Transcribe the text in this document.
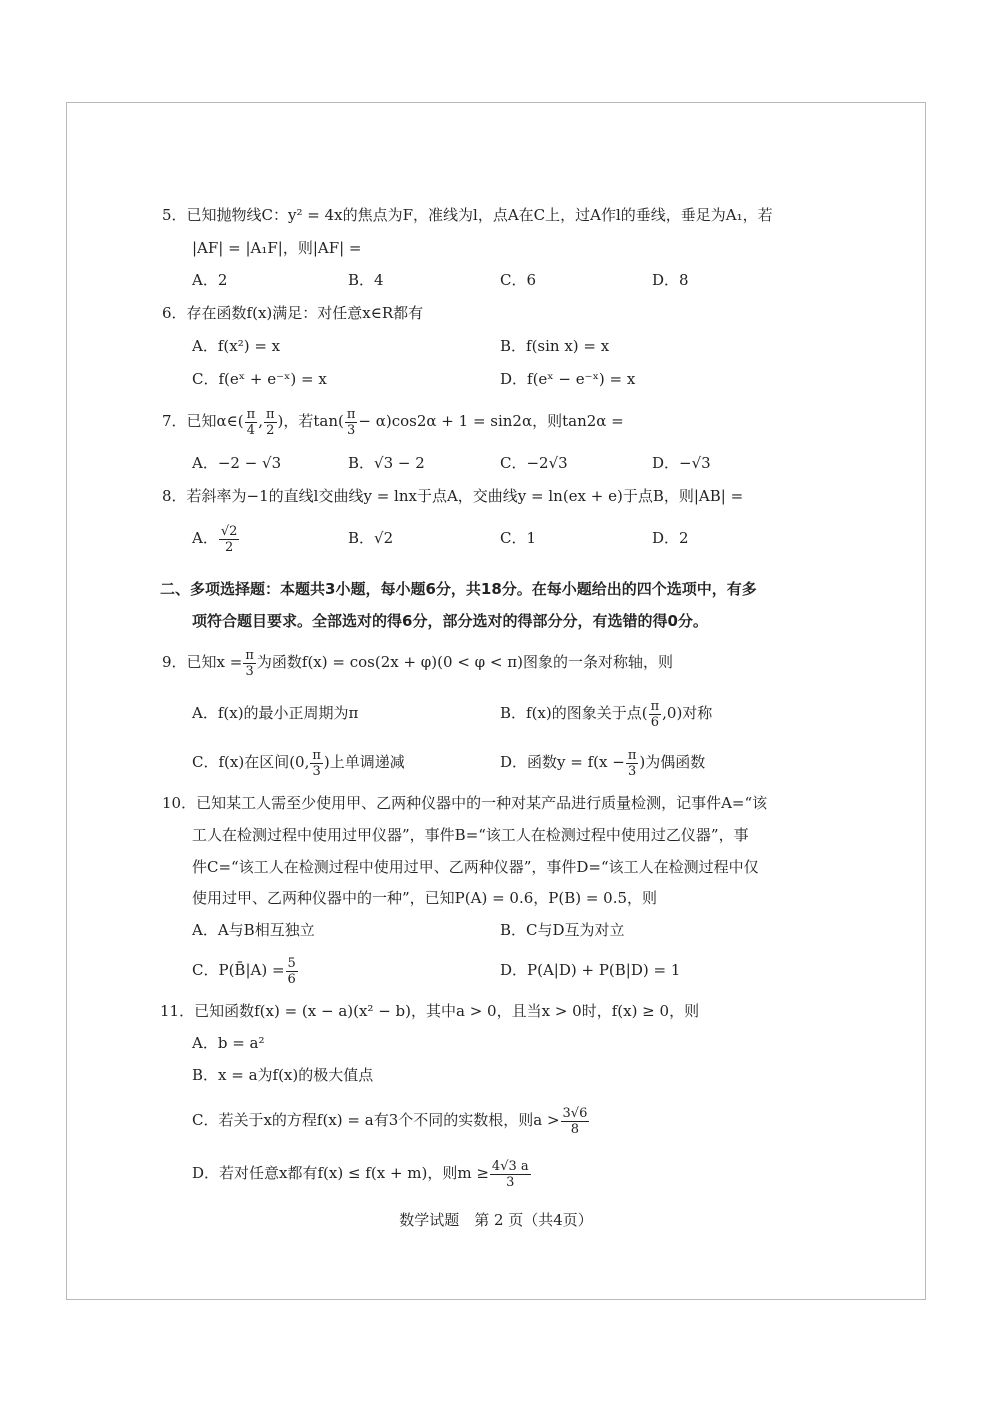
5．已知抛物线C：y² = 4x的焦点为F，准线为l，点A在C上，过A作l的垂线，垂足为A₁，若
|AF| = |A₁F|，则|AF| =
A．2	B．4	C．6	D．8
6．存在函数f(x)满足：对任意x∈R都有
A．f(x²) = x	B．f(sin x) = x
C．f(eˣ + e⁻ˣ) = x	D．f(eˣ − e⁻ˣ) = x
7．已知α∈( $\frac{\pi}{4}$ , $\frac{\pi}{2}$ )，若$\tan( \frac{\pi}{3} - \alpha)\cos 2\alpha + 1 = \sin 2\alpha$，则tan2α =
A．−2 − √3	B．√3 − 2	C．−2√3	D．−√3
8．若斜率为−1的直线l交曲线y = lnx于点A，交曲线y = ln(ex + e)于点B，则|AB| =
A． $\frac{√2}{2}$	B．√2	C．1	D．2
二、多项选择题：本题共3小题，每小题6分，共18分。在每小题给出的四个选项中，有多
项符合题目要求。全部选对的得6分，部分选对的得部分分，有选错的得0分。
9．已知$x = \frac{\pi}{3}$ 为函数f(x) = cos(2x + φ)(0 < φ < π)图象的一条对称轴，则
A．f(x)的最小正周期为π	B．f(x)的图象关于点( $\frac{\pi}{6} ,0$)对称
C．f(x)在区间(0, $\frac{\pi}{3}$ )上单调递减	D．函数$y = f(x - \frac{\pi}{3}$ )为偶函数
10．已知某工人需至少使用甲、乙两种仪器中的一种对某产品进行质量检测，记事件A=“该
工人在检测过程中使用过甲仪器”，事件B=“该工人在检测过程中使用过乙仪器”，事
件C=“该工人在检测过程中使用过甲、乙两种仪器”，事件D=“该工人在检测过程中仅
使用过甲、乙两种仪器中的一种”，已知P(A) = 0.6，P(B) = 0.5，则
A．A与B相互独立	B．C与D互为对立
C．P(B̄|A) = $\frac{5}{6}$	D．P(A|D) + P(B|D) = 1
11．已知函数f(x) = (x − a)(x² − b)，其中a > 0，且当x > 0时，f(x) ≥ 0，则
A．b = a²
B．x = a为f(x)的极大值点
C．若关于x的方程f(x) = a有3个不同的实数根，则$a > \frac{3√6}{8}$
D．若对任意x都有f(x) ≤ f(x + m)，则$m \ge \frac{4√3 a}{3}$
数学试题　第 2 页（共4页）
